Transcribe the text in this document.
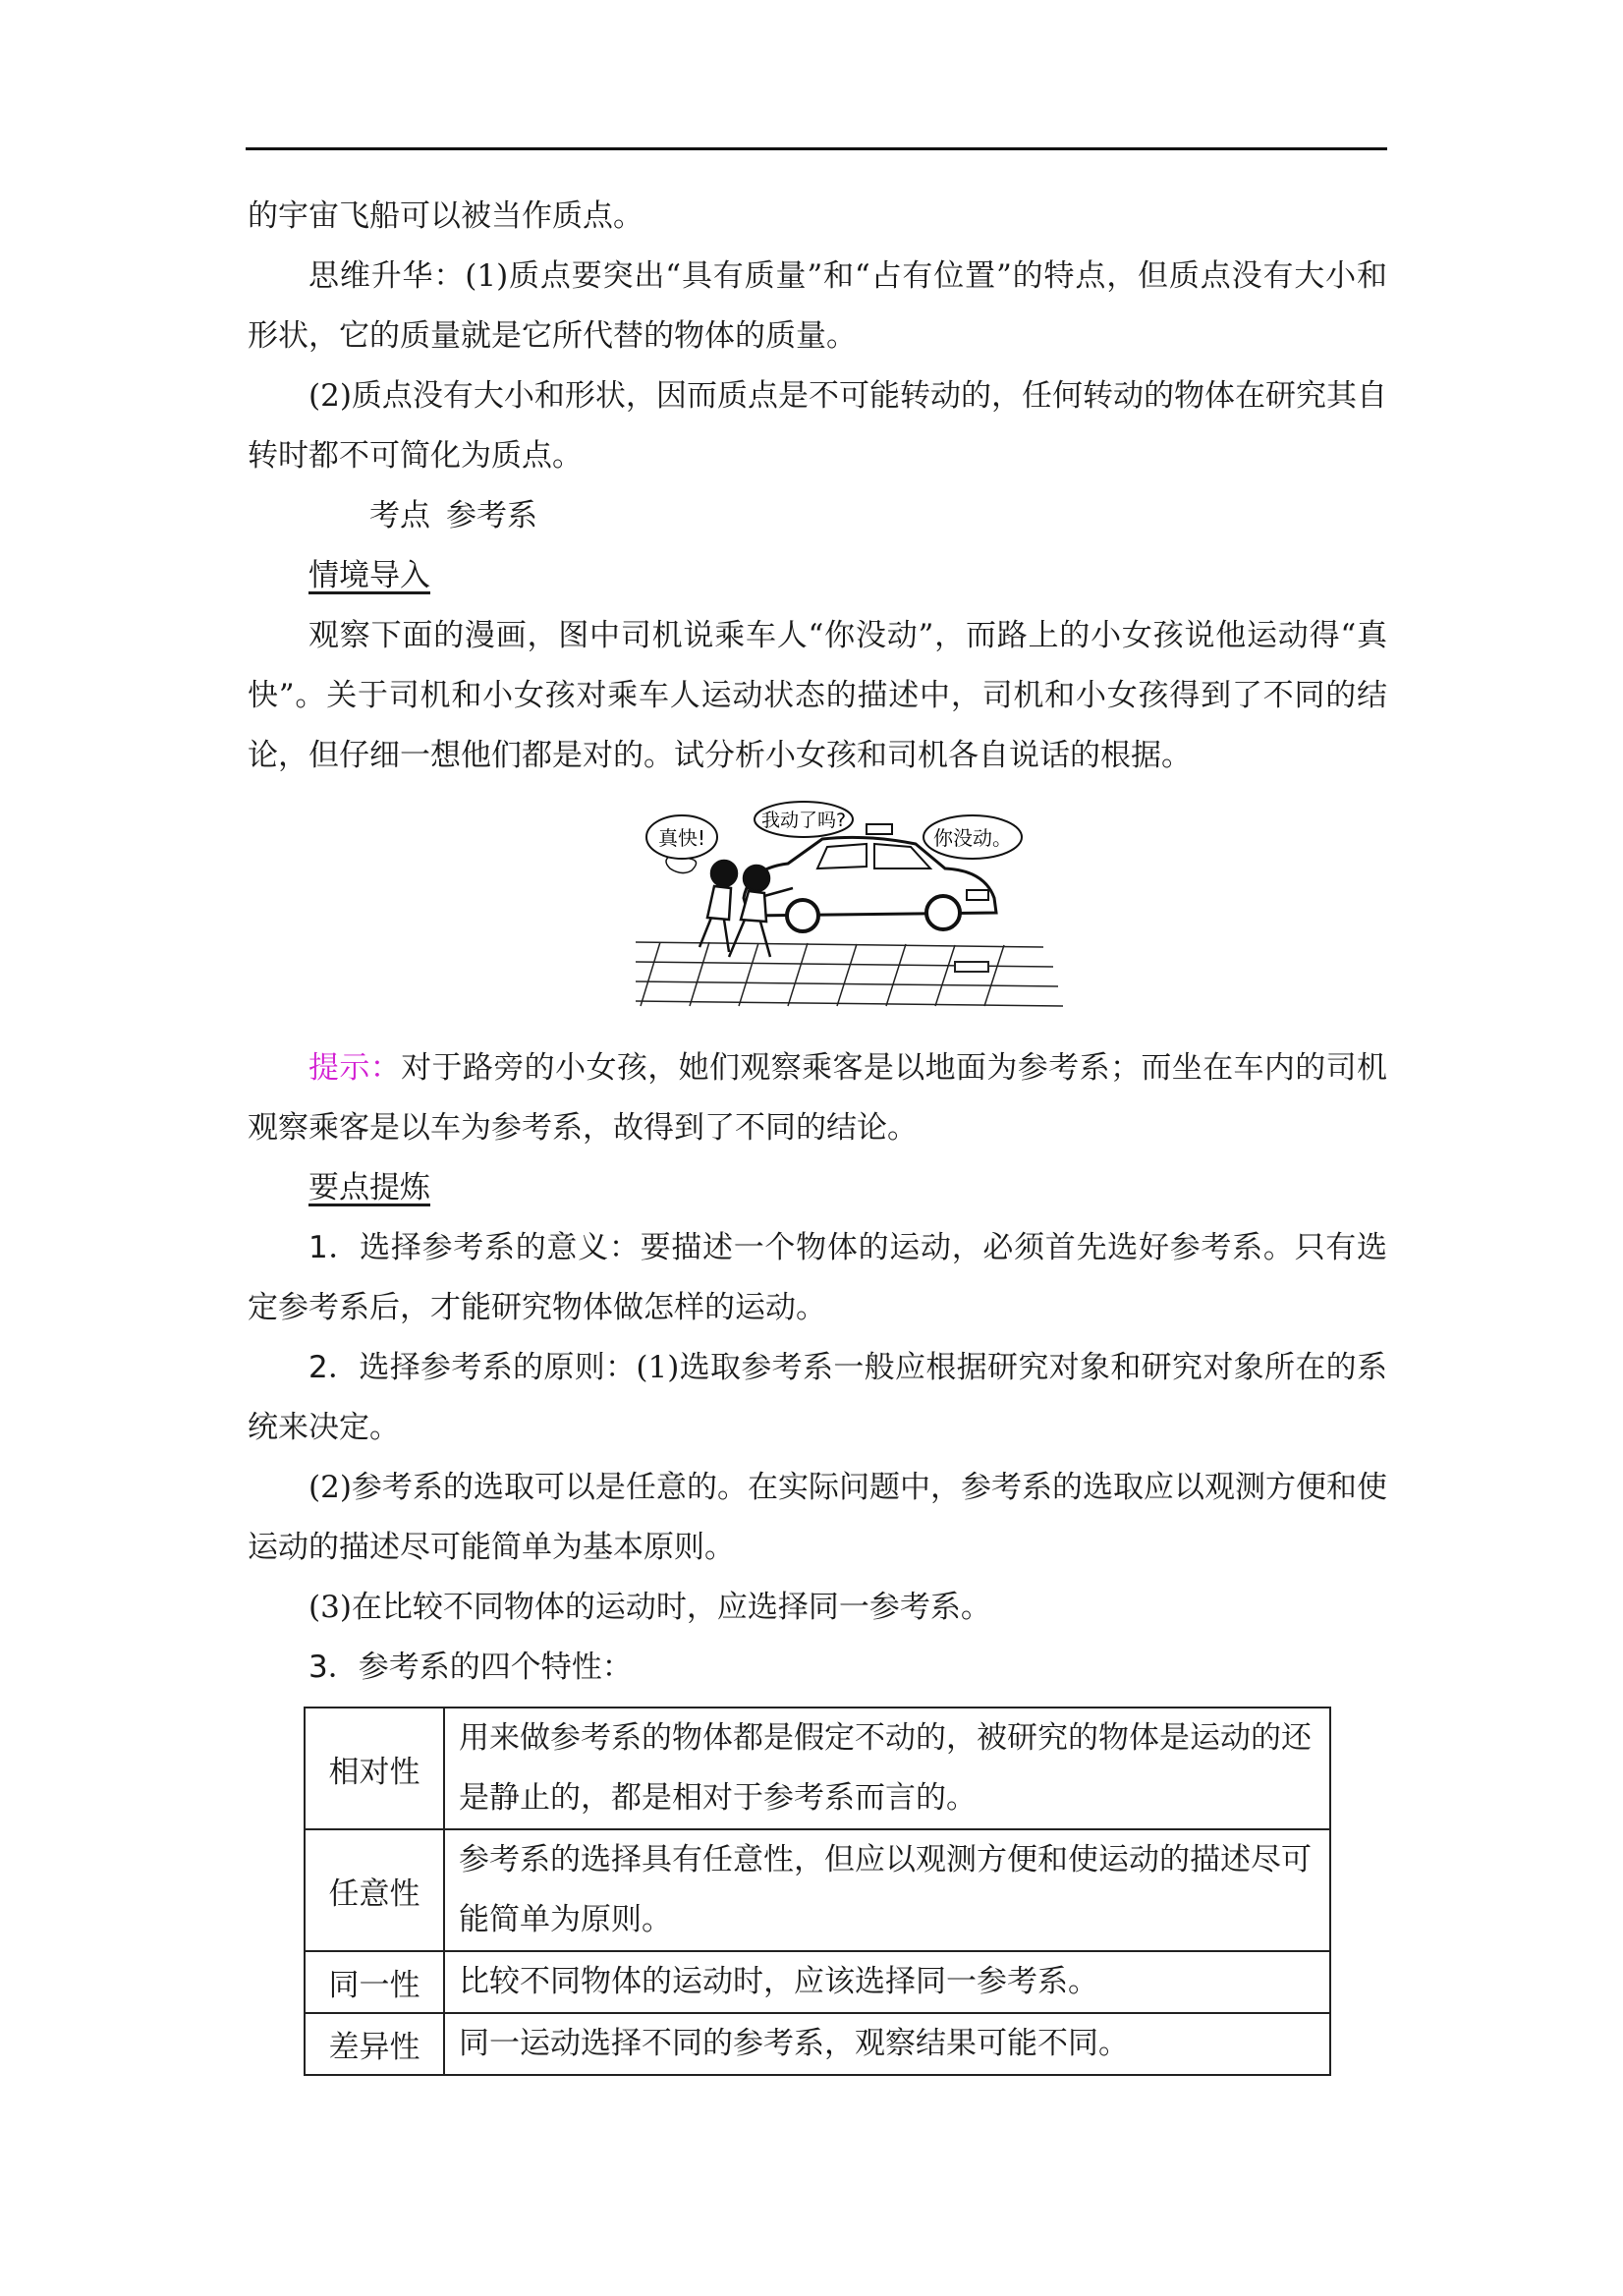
的宇宙飞船可以被当作质点。

思维升华：(1)质点要突出“具有质量”和“占有位置”的特点，但质点没有大小和形状，它的质量就是它所代替的物体的质量。

(2)质点没有大小和形状，因而质点是不可能转动的，任何转动的物体在研究其自转时都不可简化为质点。

考点 参考系

情境导入

观察下面的漫画，图中司机说乘车人“你没动”，而路上的小女孩说他运动得“真快”。关于司机和小女孩对乘车人运动状态的描述中，司机和小女孩得到了不同的结论，但仔细一想他们都是对的。试分析小女孩和司机各自说话的根据。

真快!
我动了吗?
你没动。

提示：对于路旁的小女孩，她们观察乘客是以地面为参考系；而坐在车内的司机观察乘客是以车为参考系，故得到了不同的结论。

要点提炼

1．选择参考系的意义：要描述一个物体的运动，必须首先选好参考系。只有选定参考系后，才能研究物体做怎样的运动。

2．选择参考系的原则：(1)选取参考系一般应根据研究对象和研究对象所在的系统来决定。

(2)参考系的选取可以是任意的。在实际问题中，参考系的选取应以观测方便和使运动的描述尽可能简单为基本原则。

(3)在比较不同物体的运动时，应选择同一参考系。

3．参考系的四个特性：

相对性	用来做参考系的物体都是假定不动的，被研究的物体是运动的还是静止的，都是相对于参考系而言的。
任意性	参考系的选择具有任意性，但应以观测方便和使运动的描述尽可能简单为原则。
同一性	比较不同物体的运动时，应该选择同一参考系。
差异性	同一运动选择不同的参考系，观察结果可能不同。
